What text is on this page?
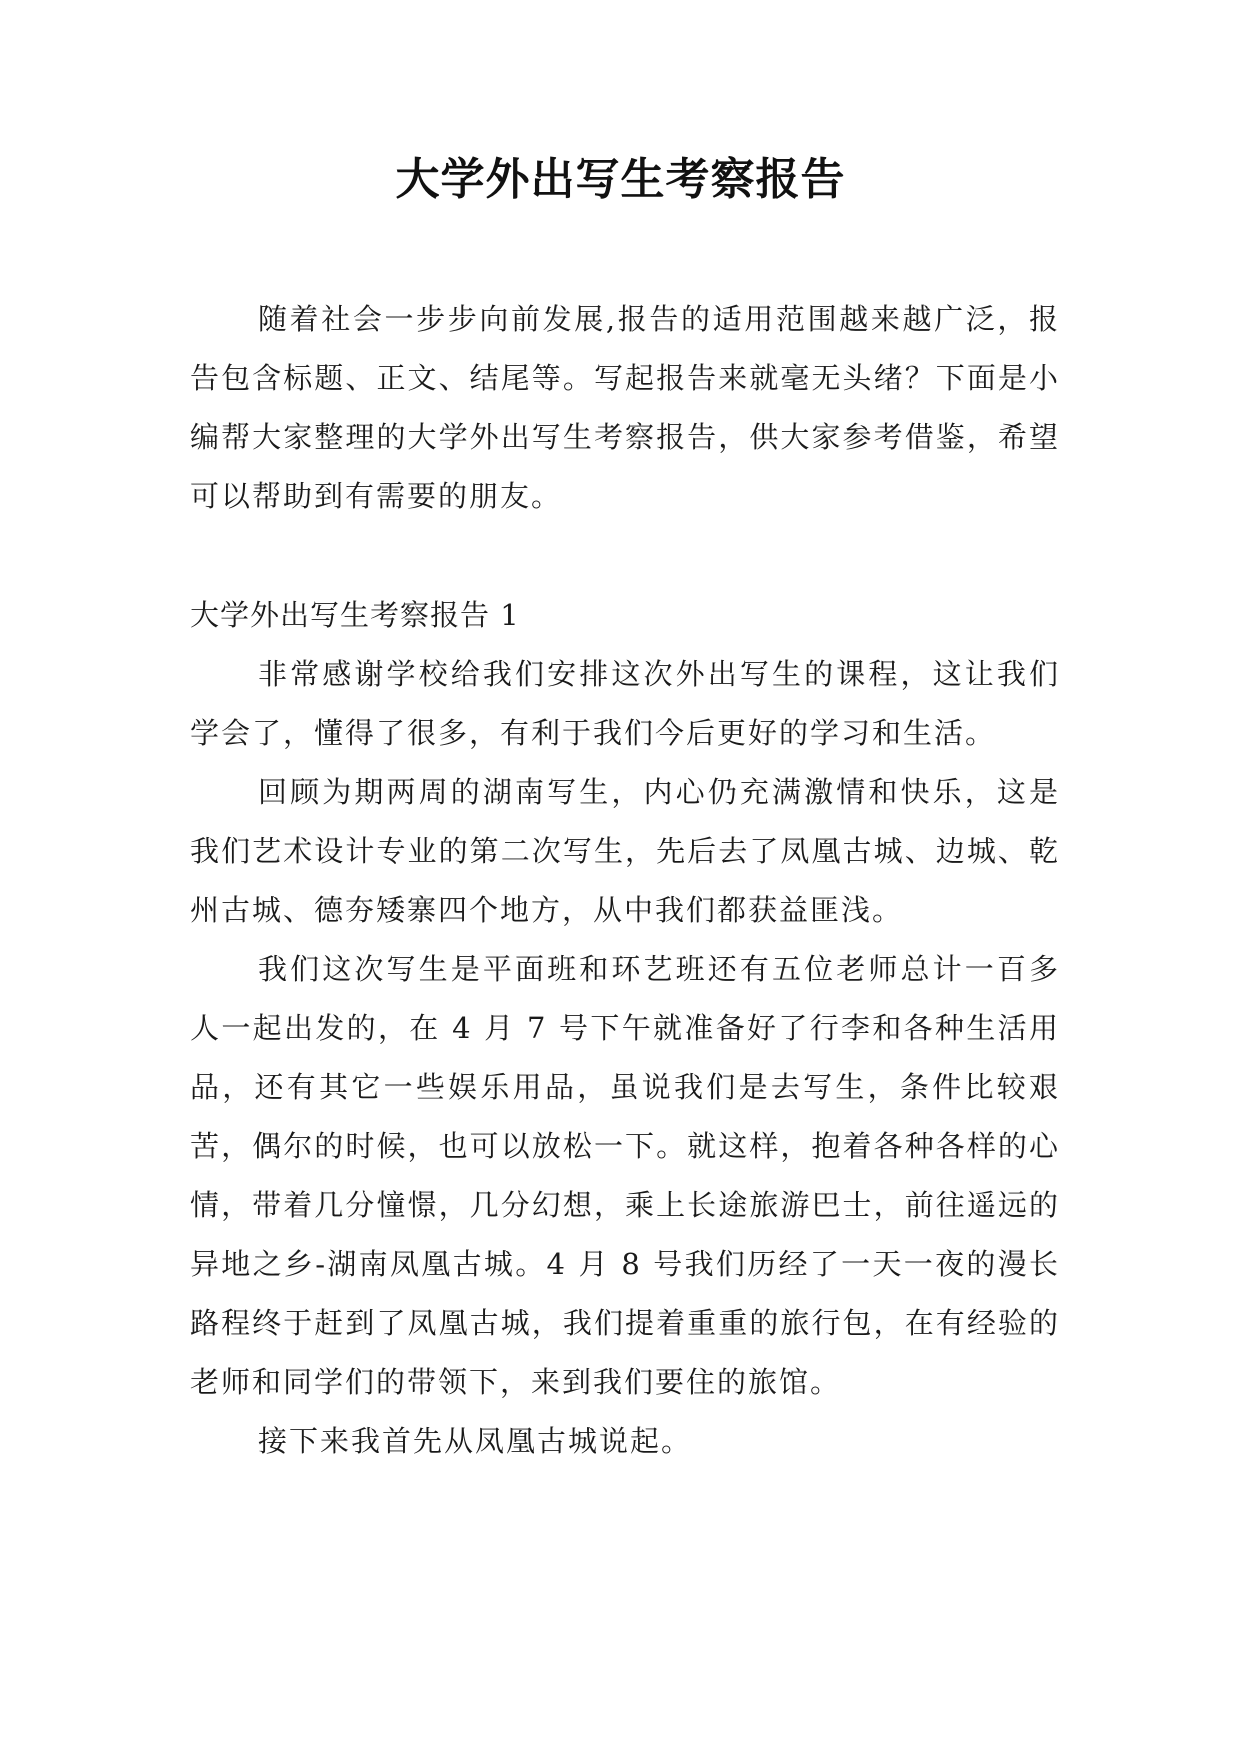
大学外出写生考察报告

随着社会一步步向前发展,报告的适用范围越来越广泛，报告包含标题、正文、结尾等。写起报告来就毫无头绪？下面是小编帮大家整理的大学外出写生考察报告，供大家参考借鉴，希望可以帮助到有需要的朋友。

大学外出写生考察报告 1

非常感谢学校给我们安排这次外出写生的课程，这让我们 学会了，懂得了很多，有利于我们今后更好的学习和生活。

回顾为期两周的湖南写生，内心仍充满激情和快乐，这是我们艺术设计专业的第二次写生，先后去了凤凰古城、边城、乾州古城、德夯矮寨四个地方，从中我们都获益匪浅。

我们这次写生是平面班和环艺班还有五位老师总计一百多人一起出发的，在 4 月 7 号下午就准备好了行李和各种生活用品，还有其它一些娱乐用品，虽说我们是去写生，条件比较艰苦，偶尔的时候，也可以放松一下。就这样，抱着各种各样的心情，带着几分憧憬，几分幻想，乘上长途旅游巴士，前往遥远的异地之乡-湖南凤凰古城。4 月 8 号我们历经了一天一夜的漫长路程终于赶到了凤凰古城，我们提着重重的旅行包，在有经验的老师和同学们的带领下，来到我们要住的旅馆。

接下来我首先从凤凰古城说起。
